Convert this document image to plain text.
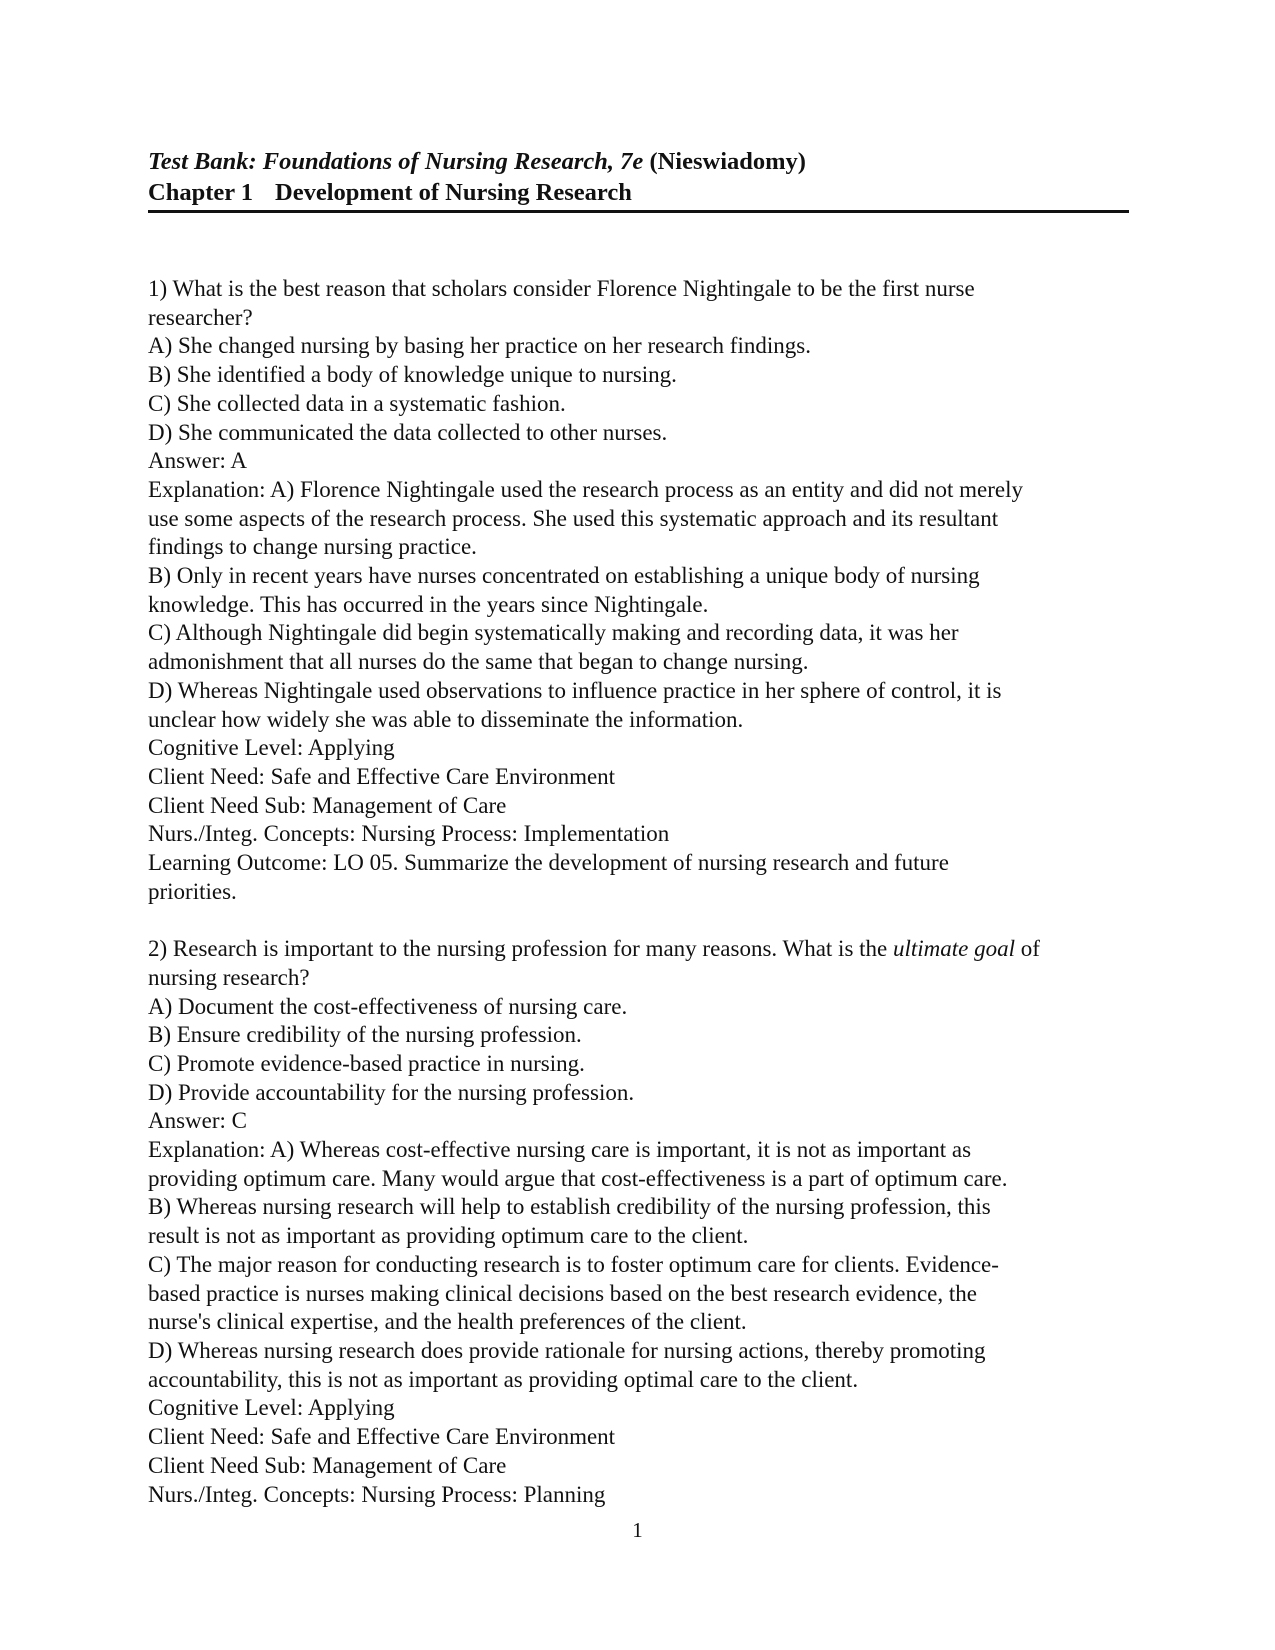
Test Bank: Foundations of Nursing Research, 7e (Nieswiadomy)
Chapter 1 Development of Nursing Research
1) What is the best reason that scholars consider Florence Nightingale to be the first nurse
researcher?
A) She changed nursing by basing her practice on her research findings.
B) She identified a body of knowledge unique to nursing.
C) She collected data in a systematic fashion.
D) She communicated the data collected to other nurses.
Answer: A
Explanation: A) Florence Nightingale used the research process as an entity and did not merely
use some aspects of the research process. She used this systematic approach and its resultant
findings to change nursing practice.
B) Only in recent years have nurses concentrated on establishing a unique body of nursing
knowledge. This has occurred in the years since Nightingale.
C) Although Nightingale did begin systematically making and recording data, it was her
admonishment that all nurses do the same that began to change nursing.
D) Whereas Nightingale used observations to influence practice in her sphere of control, it is
unclear how widely she was able to disseminate the information.
Cognitive Level: Applying
Client Need: Safe and Effective Care Environment
Client Need Sub: Management of Care
Nurs./Integ. Concepts: Nursing Process: Implementation
Learning Outcome: LO 05. Summarize the development of nursing research and future
priorities.
2) Research is important to the nursing profession for many reasons. What is the ultimate goal of
nursing research?
A) Document the cost-effectiveness of nursing care.
B) Ensure credibility of the nursing profession.
C) Promote evidence-based practice in nursing.
D) Provide accountability for the nursing profession.
Answer: C
Explanation: A) Whereas cost-effective nursing care is important, it is not as important as
providing optimum care. Many would argue that cost-effectiveness is a part of optimum care.
B) Whereas nursing research will help to establish credibility of the nursing profession, this
result is not as important as providing optimum care to the client.
C) The major reason for conducting research is to foster optimum care for clients. Evidence-
based practice is nurses making clinical decisions based on the best research evidence, the
nurse's clinical expertise, and the health preferences of the client.
D) Whereas nursing research does provide rationale for nursing actions, thereby promoting
accountability, this is not as important as providing optimal care to the client.
Cognitive Level: Applying
Client Need: Safe and Effective Care Environment
Client Need Sub: Management of Care
Nurs./Integ. Concepts: Nursing Process: Planning
1
